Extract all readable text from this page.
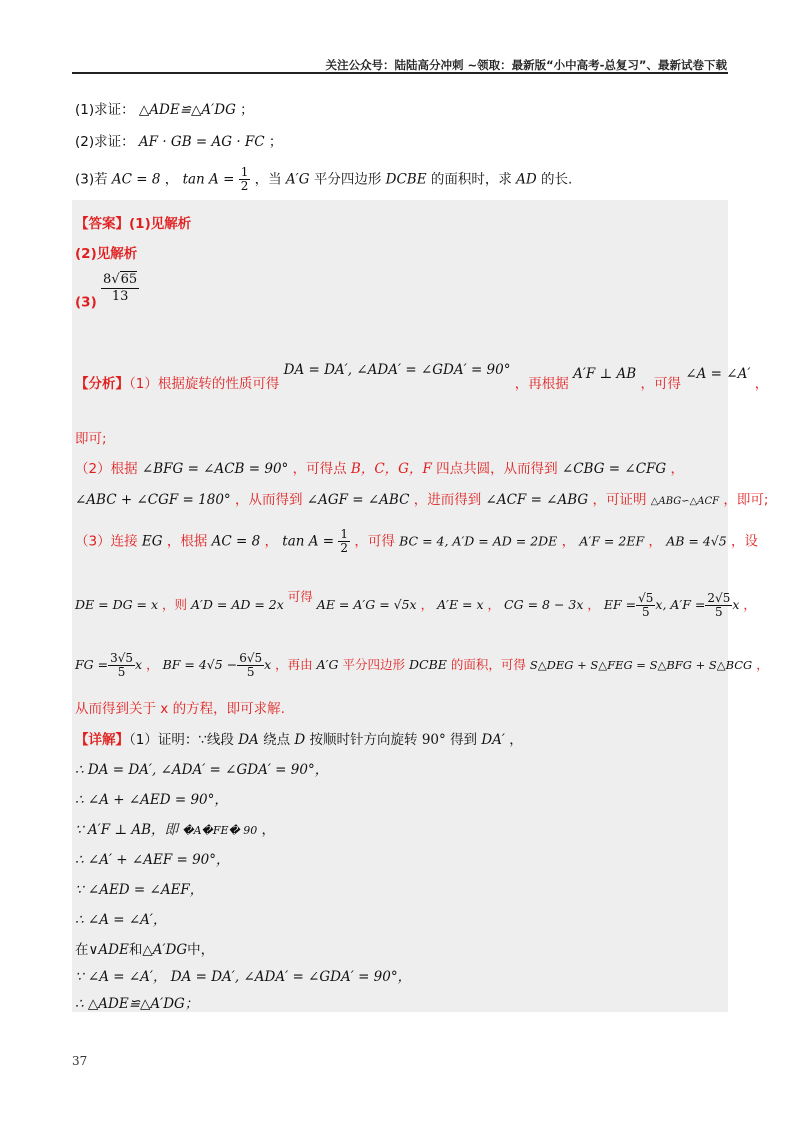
关注公众号：陆陆高分冲刺 ~领取：最新版“小中高考-总复习”、最新试卷下载
(1)求证： △ADE≌△A′DG ；
(2)求证： AF · GB = AG · FC ；
(3)若 AC = 8 ， $\tan A = \frac{1}{2}$ ，当 A′G 平分四边形 DCBE 的面积时，求 AD 的长.
【答案】(1)见解析
(2)见解析
$(3) \frac{8√65}{13}$
【分析】（1）根据旋转的性质可得 DA = DA′, ∠ADA′ = ∠GDA′ = 90° ，再根据 A′F ⊥ AB ，可得 ∠A = ∠A′ ，
即可;
（2）根据 ∠BFG = ∠ACB = 90° ，可得点 B，C，G，F 四点共圆，从而得到 ∠CBG = ∠CFG ，
∠ABC + ∠CGF = 180° ，从而得到 ∠AGF = ∠ABC ，进而得到 ∠ACF = ∠ABG ，可证明 △ABG∽△ACF ，即可;
（3）连接 EG ，根据 AC = 8 ， $\tan A = \frac{1}{2}$ ，可得 BC = 4, A′D = AD = 2DE ， A′F = 2EF ， AB = 4√5 ，设
DE = DG = x ，则 A′D = AD = 2x 可得 AE = A′G = √5x ， A′E = x ， CG = 8 − 3x ， EF = $\frac{√5}{5} x$, $A'F = \frac{2√5}{5}$ x ，
FG = $\frac{3√5}{5}$ x ， BF = $4√5 - \frac{6√5}{5}$ x ，再由 A′G 平分四边形 DCBE 的面积，可得 S△DEG + S△FEG = S△BFG + S△BCG ，
从而得到关于 x 的方程，即可求解.
【详解】（1）证明：∵线段 DA 绕点 D 按顺时针方向旋转 90° 得到 DA′ ，
∴ DA = DA′, ∠ADA′ = ∠GDA′ = 90°，
∴ ∠A + ∠AED = 90°，
∵ A′F ⊥ AB，即 �A�FE� 90 ，
∴ ∠A′ + ∠AEF = 90°，
∵ ∠AED = ∠AEF，
∴ ∠A = ∠A′，
在∨ADE和△A′DG中，
∵ ∠A = ∠A′， DA = DA′, ∠ADA′ = ∠GDA′ = 90°，
∴ △ADE≌△A′DG；
37
